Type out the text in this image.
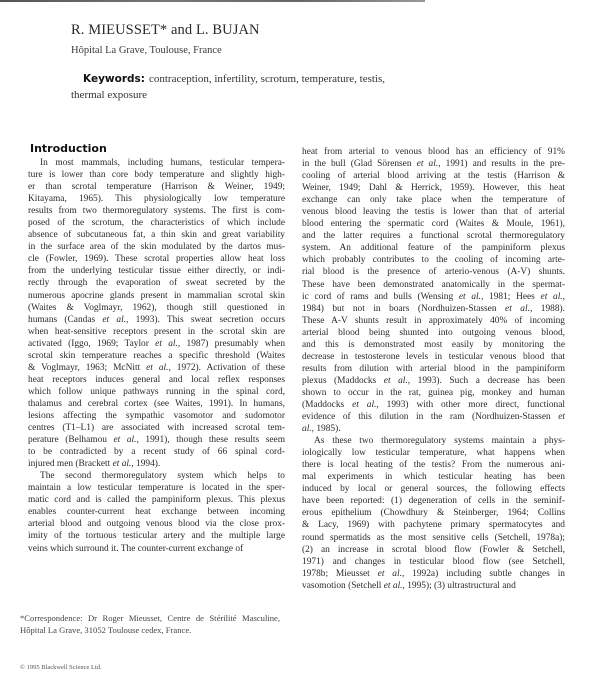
R. MIEUSSET* and L. BUJAN
Hôpital La Grave, Toulouse, France
Keywords: contraception, infertility, scrotum, temperature, testis, thermal exposure
Introduction

In most mammals, including humans, testicular tempera-
ture is lower than core body temperature and slightly high-
er than scrotal temperature (Harrison & Weiner, 1949;
Kitayama, 1965). This physiologically low temperature
results from two thermoregulatory systems. The first is com-
posed of the scrotum, the characteristics of which include
absence of subcutaneous fat, a thin skin and great variability
in the surface area of the skin modulated by the dartos mus-
cle (Fowler, 1969). These scrotal properties allow heat loss
from the underlying testicular tissue either directly, or indi-
rectly through the evaporation of sweat secreted by the
numerous apocrine glands present in mammalian scrotal skin
(Waites & Voglmayr, 1962), though still questioned in
humans (Candas et al., 1993). This sweat secretion occurs
when heat-sensitive receptors present in the scrotal skin are
activated (Iggo, 1969; Taylor et al., 1987) presumably when
scrotal skin temperature reaches a specific threshold (Waites
& Voglmayr, 1963; McNitt et al., 1972). Activation of these
heat receptors induces general and local reflex responses
which follow unique pathways running in the spinal cord,
thalamus and cerebral cortex (see Waites, 1991). In humans,
lesions affecting the sympathic vasomotor and sudomotor
centres (T1–L1) are associated with increased scrotal tem-
perature (Belhamou et al., 1991), though these results seem
to be contradicted by a recent study of 66 spinal cord-
injured men (Brackett et al., 1994).

The second thermoregulatory system which helps to
maintain a low testicular temperature is located in the sper-
matic cord and is called the pampiniform plexus. This plexus
enables counter-current heat exchange between incoming
arterial blood and outgoing venous blood via the close prox-
imity of the tortuous testicular artery and the multiple large
veins which surround it. The counter-current exchange of

heat from arterial to venous blood has an efficiency of 91%
in the bull (Glad Sörensen et al., 1991) and results in the pre-
cooling of arterial blood arriving at the testis (Harrison &
Weiner, 1949; Dahl & Herrick, 1959). However, this heat
exchange can only take place when the temperature of
venous blood leaving the testis is lower than that of arterial
blood entering the spermatic cord (Waites & Moule, 1961),
and the latter requires a functional scrotal thermoregulatory
system. An additional feature of the pampiniform plexus
which probably contributes to the cooling of incoming arte-
rial blood is the presence of arterio-venous (A-V) shunts.
These have been demonstrated anatomically in the spermat-
ic cord of rams and bulls (Wensing et al., 1981; Hees et al.,
1984) but not in boars (Nordhuizen-Stassen et al., 1988).
These A-V shunts result in approximately 40% of incoming
arterial blood being shunted into outgoing venous blood,
and this is demonstrated most easily by monitoring the
decrease in testosterone levels in testicular venous blood that
results from dilution with arterial blood in the pampiniform
plexus (Maddocks et al., 1993). Such a decrease has been
shown to occur in the rat, guinea pig, monkey and human
(Maddocks et al., 1993) with other more direct, functional
evidence of this dilution in the ram (Nordhuizen-Stassen et
al., 1985).

As these two thermoregulatory systems maintain a phys-
iologically low testicular temperature, what happens when
there is local heating of the testis? From the numerous ani-
mal experiments in which testicular heating has been
induced by local or general sources, the following effects
have been reported: (1) degeneration of cells in the seminif-
erous epithelium (Chowdhury & Steinberger, 1964; Collins
& Lacy, 1969) with pachytene primary spermatocytes and
round spermatids as the most sensitive cells (Setchell, 1978a);
(2) an increase in scrotal blood flow (Fowler & Setchell,
1971) and changes in testicular blood flow (see Setchell,
1978b; Mieusset et al., 1992a) including subtle changes in
vasomotion (Setchell et al., 1995); (3) ultrastructural and

*Correspondence: Dr Roger Mieusset, Centre de Stérilité Masculine, Hôpital La Grave, 31052 Toulouse cedex, France.
© 1995 Blackwell Science Ltd.
